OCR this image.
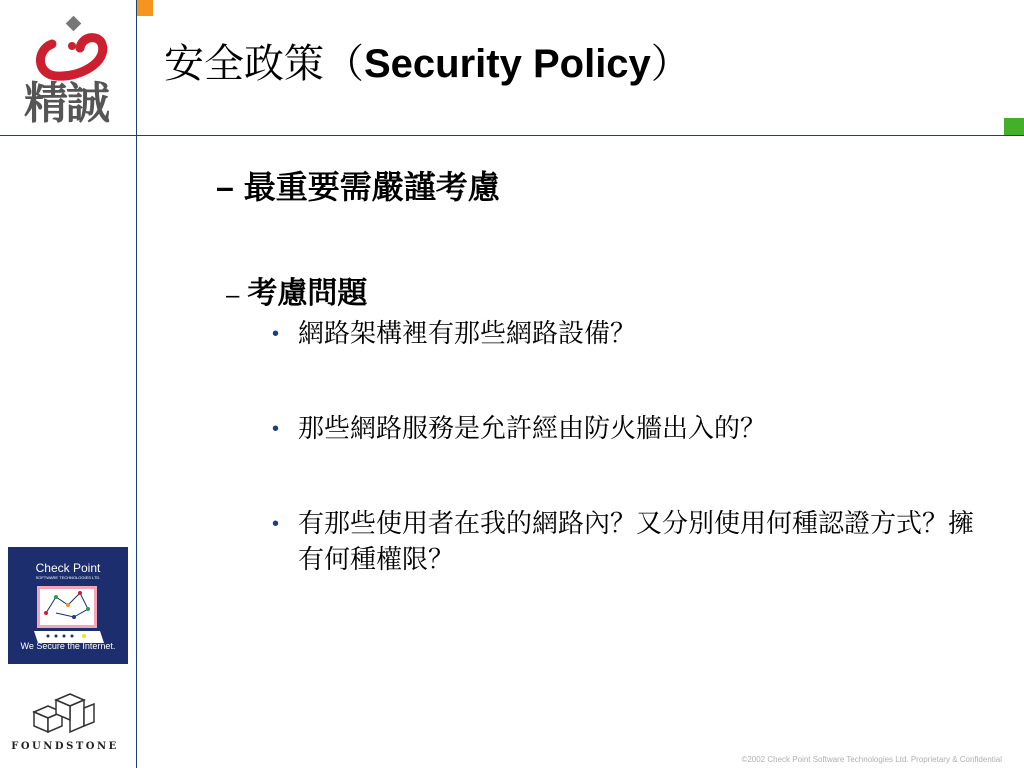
精誠
安全政策（Security Policy）
– 最重要需嚴謹考慮
– 考慮問題
• 網路架構裡有那些網路設備？
• 那些網路服務是允許經由防火牆出入的？
• 有那些使用者在我的網路內？又分別使用何種認證方式？擁有何種權限？
Check Point
SOFTWARE TECHNOLOGIES LTD.
We Secure the Internet.
FOUNDSTONE
©2002 Check Point Software Technologies Ltd. Proprietary & Confidential
